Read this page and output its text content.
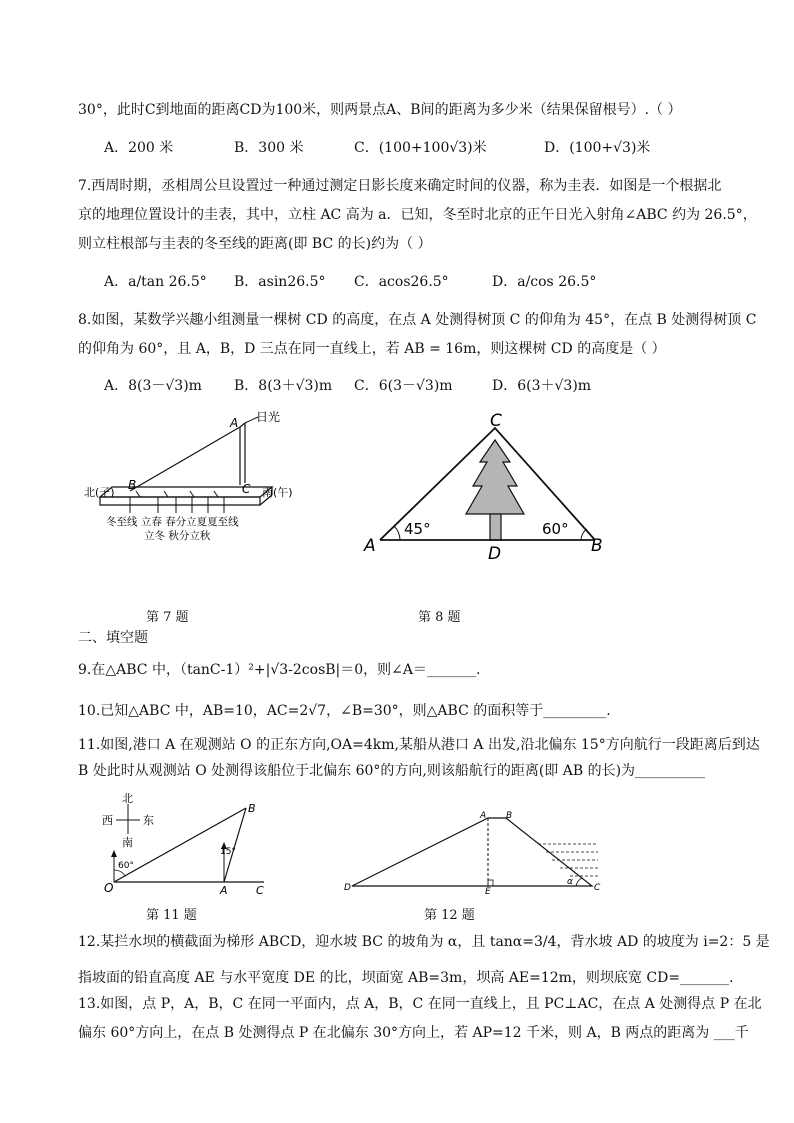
30°，此时C到地面的距离CD为100米，则两景点A、B间的距离为多少米（结果保留根号）.（ ）
A．200 米	B．300 米	C．(100+100√3)米	D．(100+√3)米
7.西周时期，丞相周公旦设置过一种通过测定日影长度来确定时间的仪器，称为圭表．如图是一个根据北
京的地理位置设计的圭表，其中，立柱 AC 高为 a．已知，冬至时北京的正午日光入射角∠ABC 约为 26.5°，
则立柱根部与圭表的冬至线的距离(即 BC 的长)约为（ ）
A．a/tan 26.5°	B．asin26.5°	C．acos26.5°	D．a/cos 26.5°
8.如图，某数学兴趣小组测量一棵树 CD 的高度，在点 A 处测得树顶 C 的仰角为 45°，在点 B 处测得树顶 C
的仰角为 60°，且 A，B，D 三点在同一直线上，若 AB = 16m，则这棵树 CD 的高度是（ ）
A．8(3－√3)m	B．8(3＋√3)m	C．6(3－√3)m	D．6(3＋√3)m
A
B	C
日光
北(子)	南(午)
冬至线 立春 春分立夏夏至线
立冬 秋分立秋
第 7 题
C
A	B
D
45°	60°
第 8 题
二、填空题
9.在△ABC 中，（tanC-1）²+|√3-2cosB|＝0，则∠A＝_______.
10.已知△ABC 中，AB=10，AC=2√7，∠B=30°，则△ABC 的面积等于_________.
11.如图,港口 A 在观测站 O 的正东方向,OA=4km,某船从港口 A 出发,沿北偏东 15°方向航行一段距离后到达
B 处此时从观测站 O 处测得该船位于北偏东 60°的方向,则该船航行的距离(即 AB 的长)为__________
北
南
西	东
60°
15°
O	A
B
C
第 11 题
α
A B
C
D	E
第 12 题
12.某拦水坝的横截面为梯形 ABCD，迎水坡 BC 的坡角为 α，且 tanα=3/4，背水坡 AD 的坡度为 i=2：5 是
指坡面的铅直高度 AE 与水平宽度 DE 的比，坝面宽 AB=3m，坝高 AE=12m，则坝底宽 CD=_______.
13.如图，点 P，A，B，C 在同一平面内，点 A，B，C 在同一直线上，且 PC⊥AC，在点 A 处测得点 P 在北
偏东 60°方向上，在点 B 处测得点 P 在北偏东 30°方向上，若 AP=12 千米，则 A，B 两点的距离为 ___千
